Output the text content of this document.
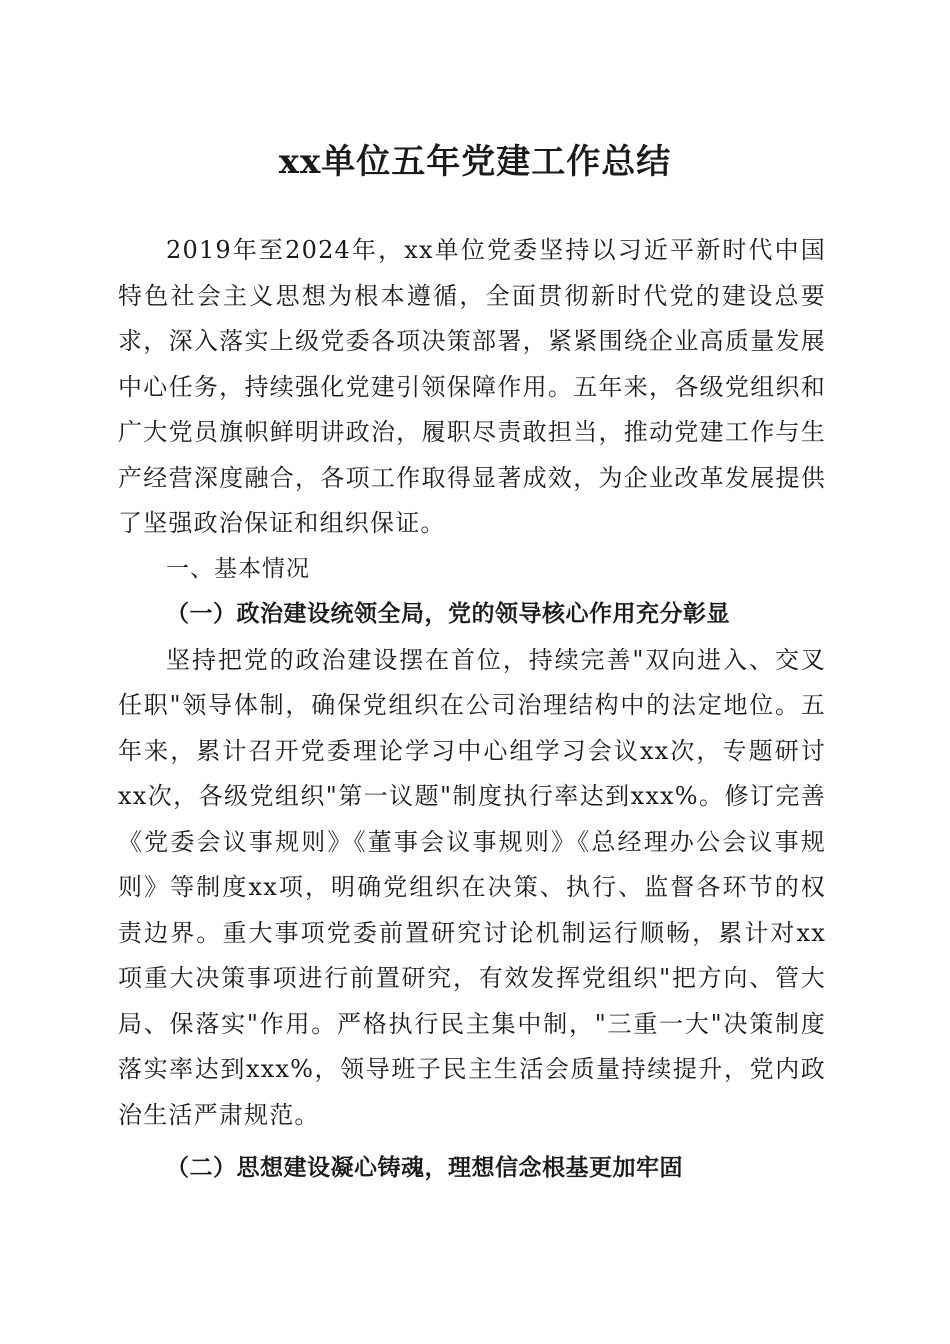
xx单位五年党建工作总结

2019年至2024年，xx单位党委坚持以习近平新时代中国特色社会主义思想为根本遵循，全面贯彻新时代党的建设总要求，深入落实上级党委各项决策部署，紧紧围绕企业高质量发展中心任务，持续强化党建引领保障作用。五年来，各级党组织和广大党员旗帜鲜明讲政治，履职尽责敢担当，推动党建工作与生产经营深度融合，各项工作取得显著成效，为企业改革发展提供了坚强政治保证和组织保证。

一、基本情况

（一）政治建设统领全局，党的领导核心作用充分彰显

坚持把党的政治建设摆在首位，持续完善"双向进入、交叉任职"领导体制，确保党组织在公司治理结构中的法定地位。五年来，累计召开党委理论学习中心组学习会议xx次，专题研讨xx次，各级党组织"第一议题"制度执行率达到xxx%。修订完善《党委会议事规则》《董事会议事规则》《总经理办公会议事规则》等制度xx项，明确党组织在决策、执行、监督各环节的权责边界。重大事项党委前置研究讨论机制运行顺畅，累计对xx项重大决策事项进行前置研究，有效发挥党组织"把方向、管大局、保落实"作用。严格执行民主集中制，"三重一大"决策制度落实率达到xxx%，领导班子民主生活会质量持续提升，党内政治生活严肃规范。

（二）思想建设凝心铸魂，理想信念根基更加牢固
